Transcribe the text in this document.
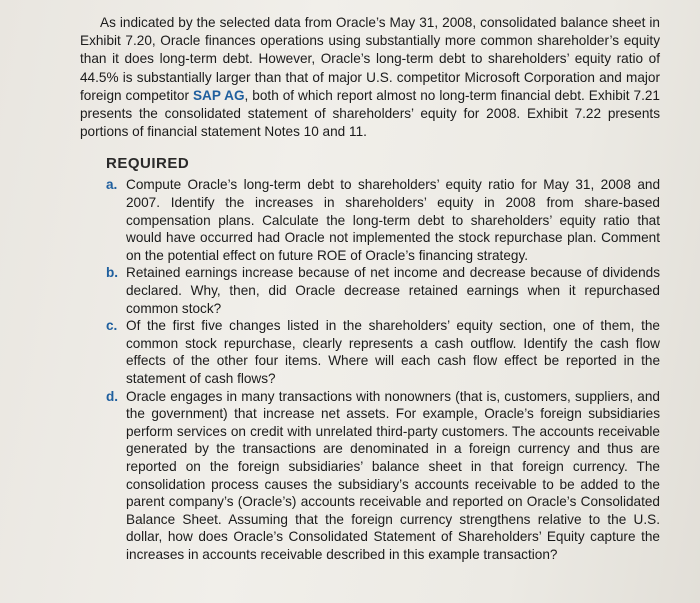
As indicated by the selected data from Oracle’s May 31, 2008, consolidated balance sheet in Exhibit 7.20, Oracle finances operations using substantially more common shareholder’s equity than it does long-term debt. However, Oracle’s long-term debt to shareholders’ equity ratio of 44.5% is substantially larger than that of major U.S. competitor Microsoft Corporation and major foreign competitor SAP AG, both of which report almost no long-term financial debt. Exhibit 7.21 presents the consolidated statement of shareholders’ equity for 2008. Exhibit 7.22 presents portions of financial statement Notes 10 and 11.

REQUIRED
a. Compute Oracle’s long-term debt to shareholders’ equity ratio for May 31, 2008 and 2007. Identify the increases in shareholders’ equity in 2008 from share-based compensation plans. Calculate the long-term debt to shareholders’ equity ratio that would have occurred had Oracle not implemented the stock repurchase plan. Comment on the potential effect on future ROE of Oracle’s financing strategy.
b. Retained earnings increase because of net income and decrease because of dividends declared. Why, then, did Oracle decrease retained earnings when it repurchased common stock?
c. Of the first five changes listed in the shareholders’ equity section, one of them, the common stock repurchase, clearly represents a cash outflow. Identify the cash flow effects of the other four items. Where will each cash flow effect be reported in the statement of cash flows?
d. Oracle engages in many transactions with nonowners (that is, customers, suppliers, and the government) that increase net assets. For example, Oracle’s foreign subsidiaries perform services on credit with unrelated third-party customers. The accounts receivable generated by the transactions are denominated in a foreign currency and thus are reported on the foreign subsidiaries’ balance sheet in that foreign currency. The consolidation process causes the subsidiary’s accounts receivable to be added to the parent company’s (Oracle’s) accounts receivable and reported on Oracle’s Consolidated Balance Sheet. Assuming that the foreign currency strengthens relative to the U.S. dollar, how does Oracle’s Consolidated Statement of Shareholders’ Equity capture the increases in accounts receivable described in this example transaction?
